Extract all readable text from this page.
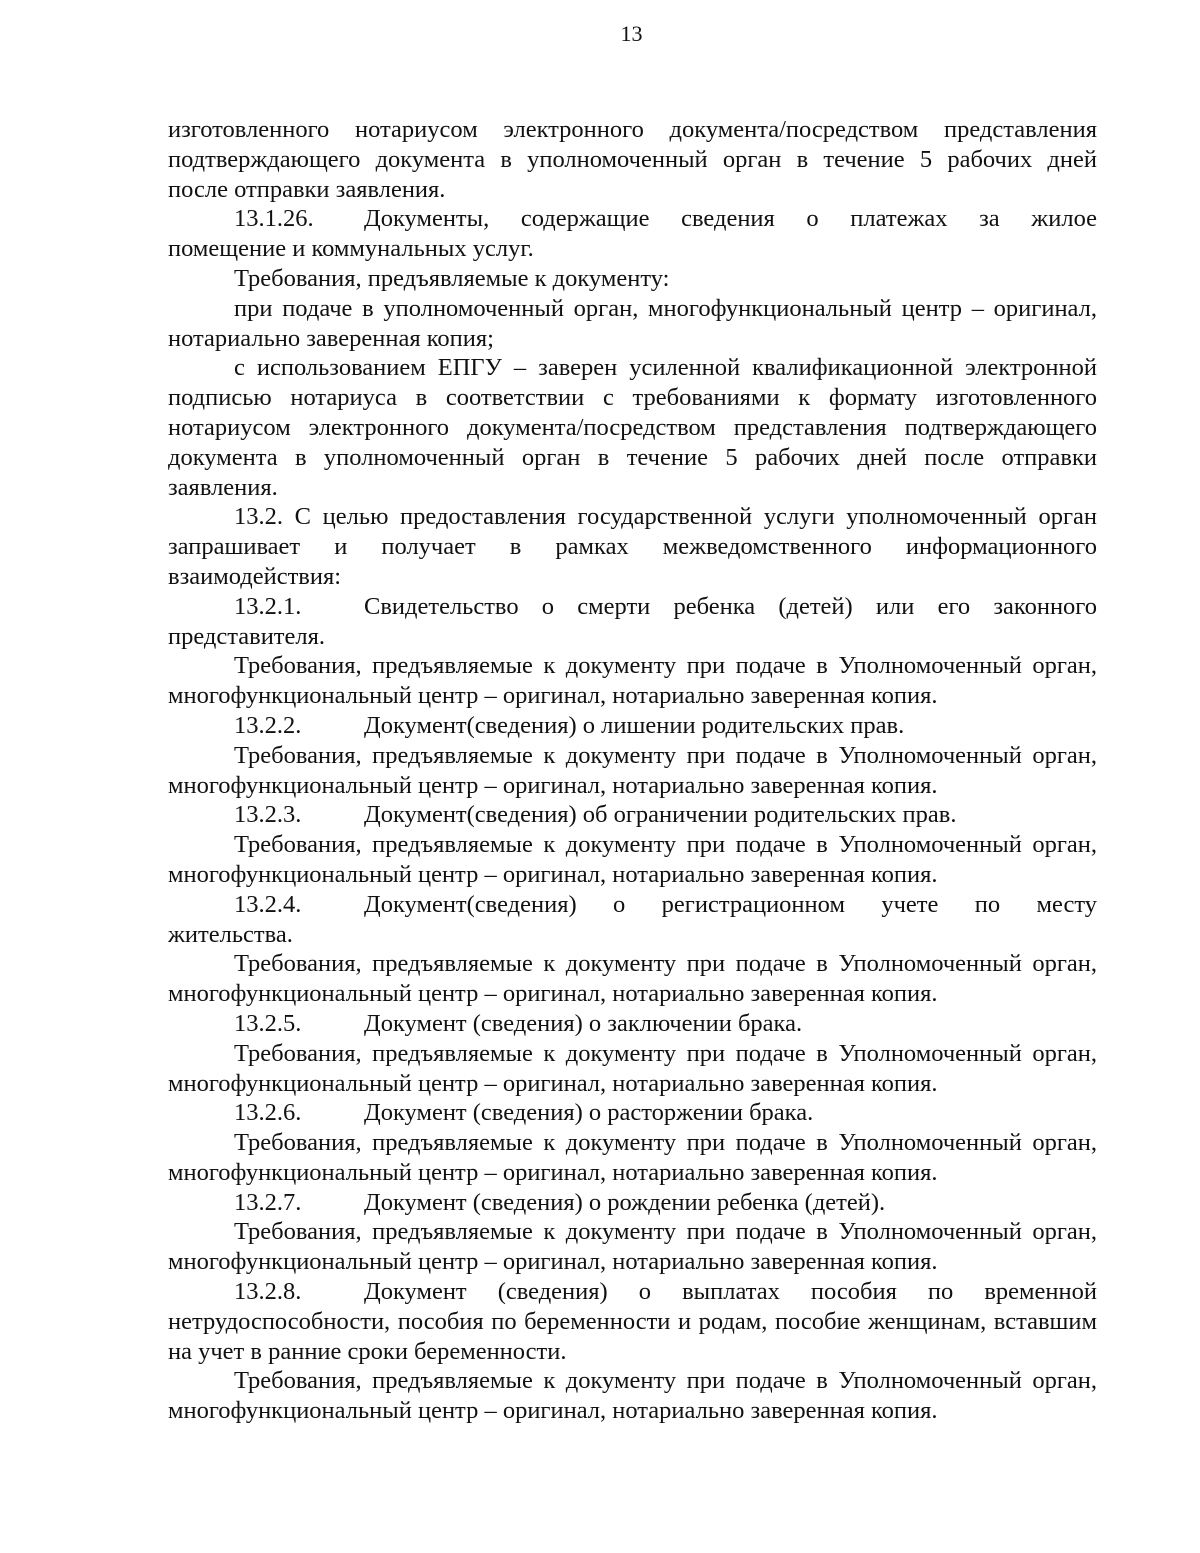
13

изготовленного нотариусом электронного документа/посредством представления
подтверждающего документа в уполномоченный орган в течение 5 рабочих дней
после отправки заявления.

13.1.26.	Документы, содержащие сведения о платежах за жилое

помещение и коммунальных услуг.

Требования, предъявляемые к документу:

при подаче в уполномоченный орган, многофункциональный центр – оригинал, нотариально заверенная копия;

с использованием ЕПГУ – заверен усиленной квалификационной электронной подписью нотариуса в соответствии с требованиями к формату изготовленного нотариусом электронного документа/посредством представления подтверждающего документа в уполномоченный орган в течение 5 рабочих дней после отправки заявления.

13.2. С целью предоставления государственной услуги уполномоченный орган запрашивает и получает в рамках межведомственного информационного взаимодействия:

13.2.1.	Свидетельство о смерти ребенка (детей) или его законного

представителя.

Требования, предъявляемые к документу при подаче в Уполномоченный орган, многофункциональный центр – оригинал, нотариально заверенная копия.

13.2.2.	Документ(сведения) о лишении родительских прав.

Требования, предъявляемые к документу при подаче в Уполномоченный орган, многофункциональный центр – оригинал, нотариально заверенная копия.

13.2.3.	Документ(сведения) об ограничении родительских прав.

Требования, предъявляемые к документу при подаче в Уполномоченный орган, многофункциональный центр – оригинал, нотариально заверенная копия.

13.2.4.	Документ(сведения) о регистрационном учете по месту

жительства.

Требования, предъявляемые к документу при подаче в Уполномоченный орган, многофункциональный центр – оригинал, нотариально заверенная копия.

13.2.5.	Документ (сведения) о заключении брака.

Требования, предъявляемые к документу при подаче в Уполномоченный орган, многофункциональный центр – оригинал, нотариально заверенная копия.

13.2.6.	Документ (сведения) о расторжении брака.

Требования, предъявляемые к документу при подаче в Уполномоченный орган, многофункциональный центр – оригинал, нотариально заверенная копия.

13.2.7.	Документ (сведения) о рождении ребенка (детей).

Требования, предъявляемые к документу при подаче в Уполномоченный орган, многофункциональный центр – оригинал, нотариально заверенная копия.

13.2.8.	Документ (сведения) о выплатах пособия по временной

нетрудоспособности, пособия по беременности и родам, пособие женщинам, вставшим на учет в ранние сроки беременности.

Требования, предъявляемые к документу при подаче в Уполномоченный орган, многофункциональный центр – оригинал, нотариально заверенная копия.
